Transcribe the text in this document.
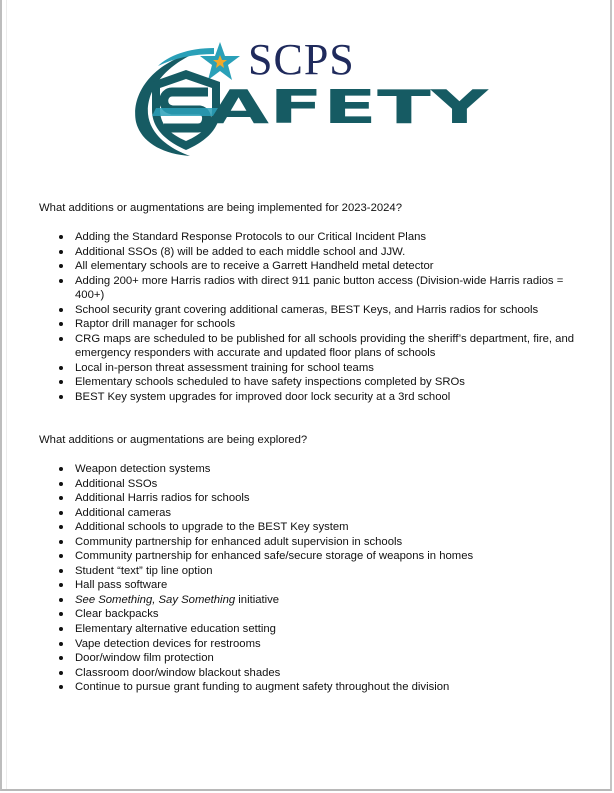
SCPS
AFETY
What additions or augmentations are being implemented for 2023-2024?
Adding the Standard Response Protocols to our Critical Incident Plans
Additional SSOs (8) will be added to each middle school and JJW.
All elementary schools are to receive a Garrett Handheld metal detector
Adding 200+ more Harris radios with direct 911 panic button access (Division-wide Harris radios = 400+)
School security grant covering additional cameras, BEST Keys, and Harris radios for schools
Raptor drill manager for schools
CRG maps are scheduled to be published for all schools providing the sheriff’s department, fire, and emergency responders with accurate and updated floor plans of schools
Local in-person threat assessment training for school teams
Elementary schools scheduled to have safety inspections completed by SROs
BEST Key system upgrades for improved door lock security at a 3rd school
What additions or augmentations are being explored?
Weapon detection systems
Additional SSOs
Additional Harris radios for schools
Additional cameras
Additional schools to upgrade to the BEST Key system
Community partnership for enhanced adult supervision in schools
Community partnership for enhanced safe/secure storage of weapons in homes
Student “text” tip line option
Hall pass software
See Something, Say Something initiative
Clear backpacks
Elementary alternative education setting
Vape detection devices for restrooms
Door/window film protection
Classroom door/window blackout shades
Continue to pursue grant funding to augment safety throughout the division
